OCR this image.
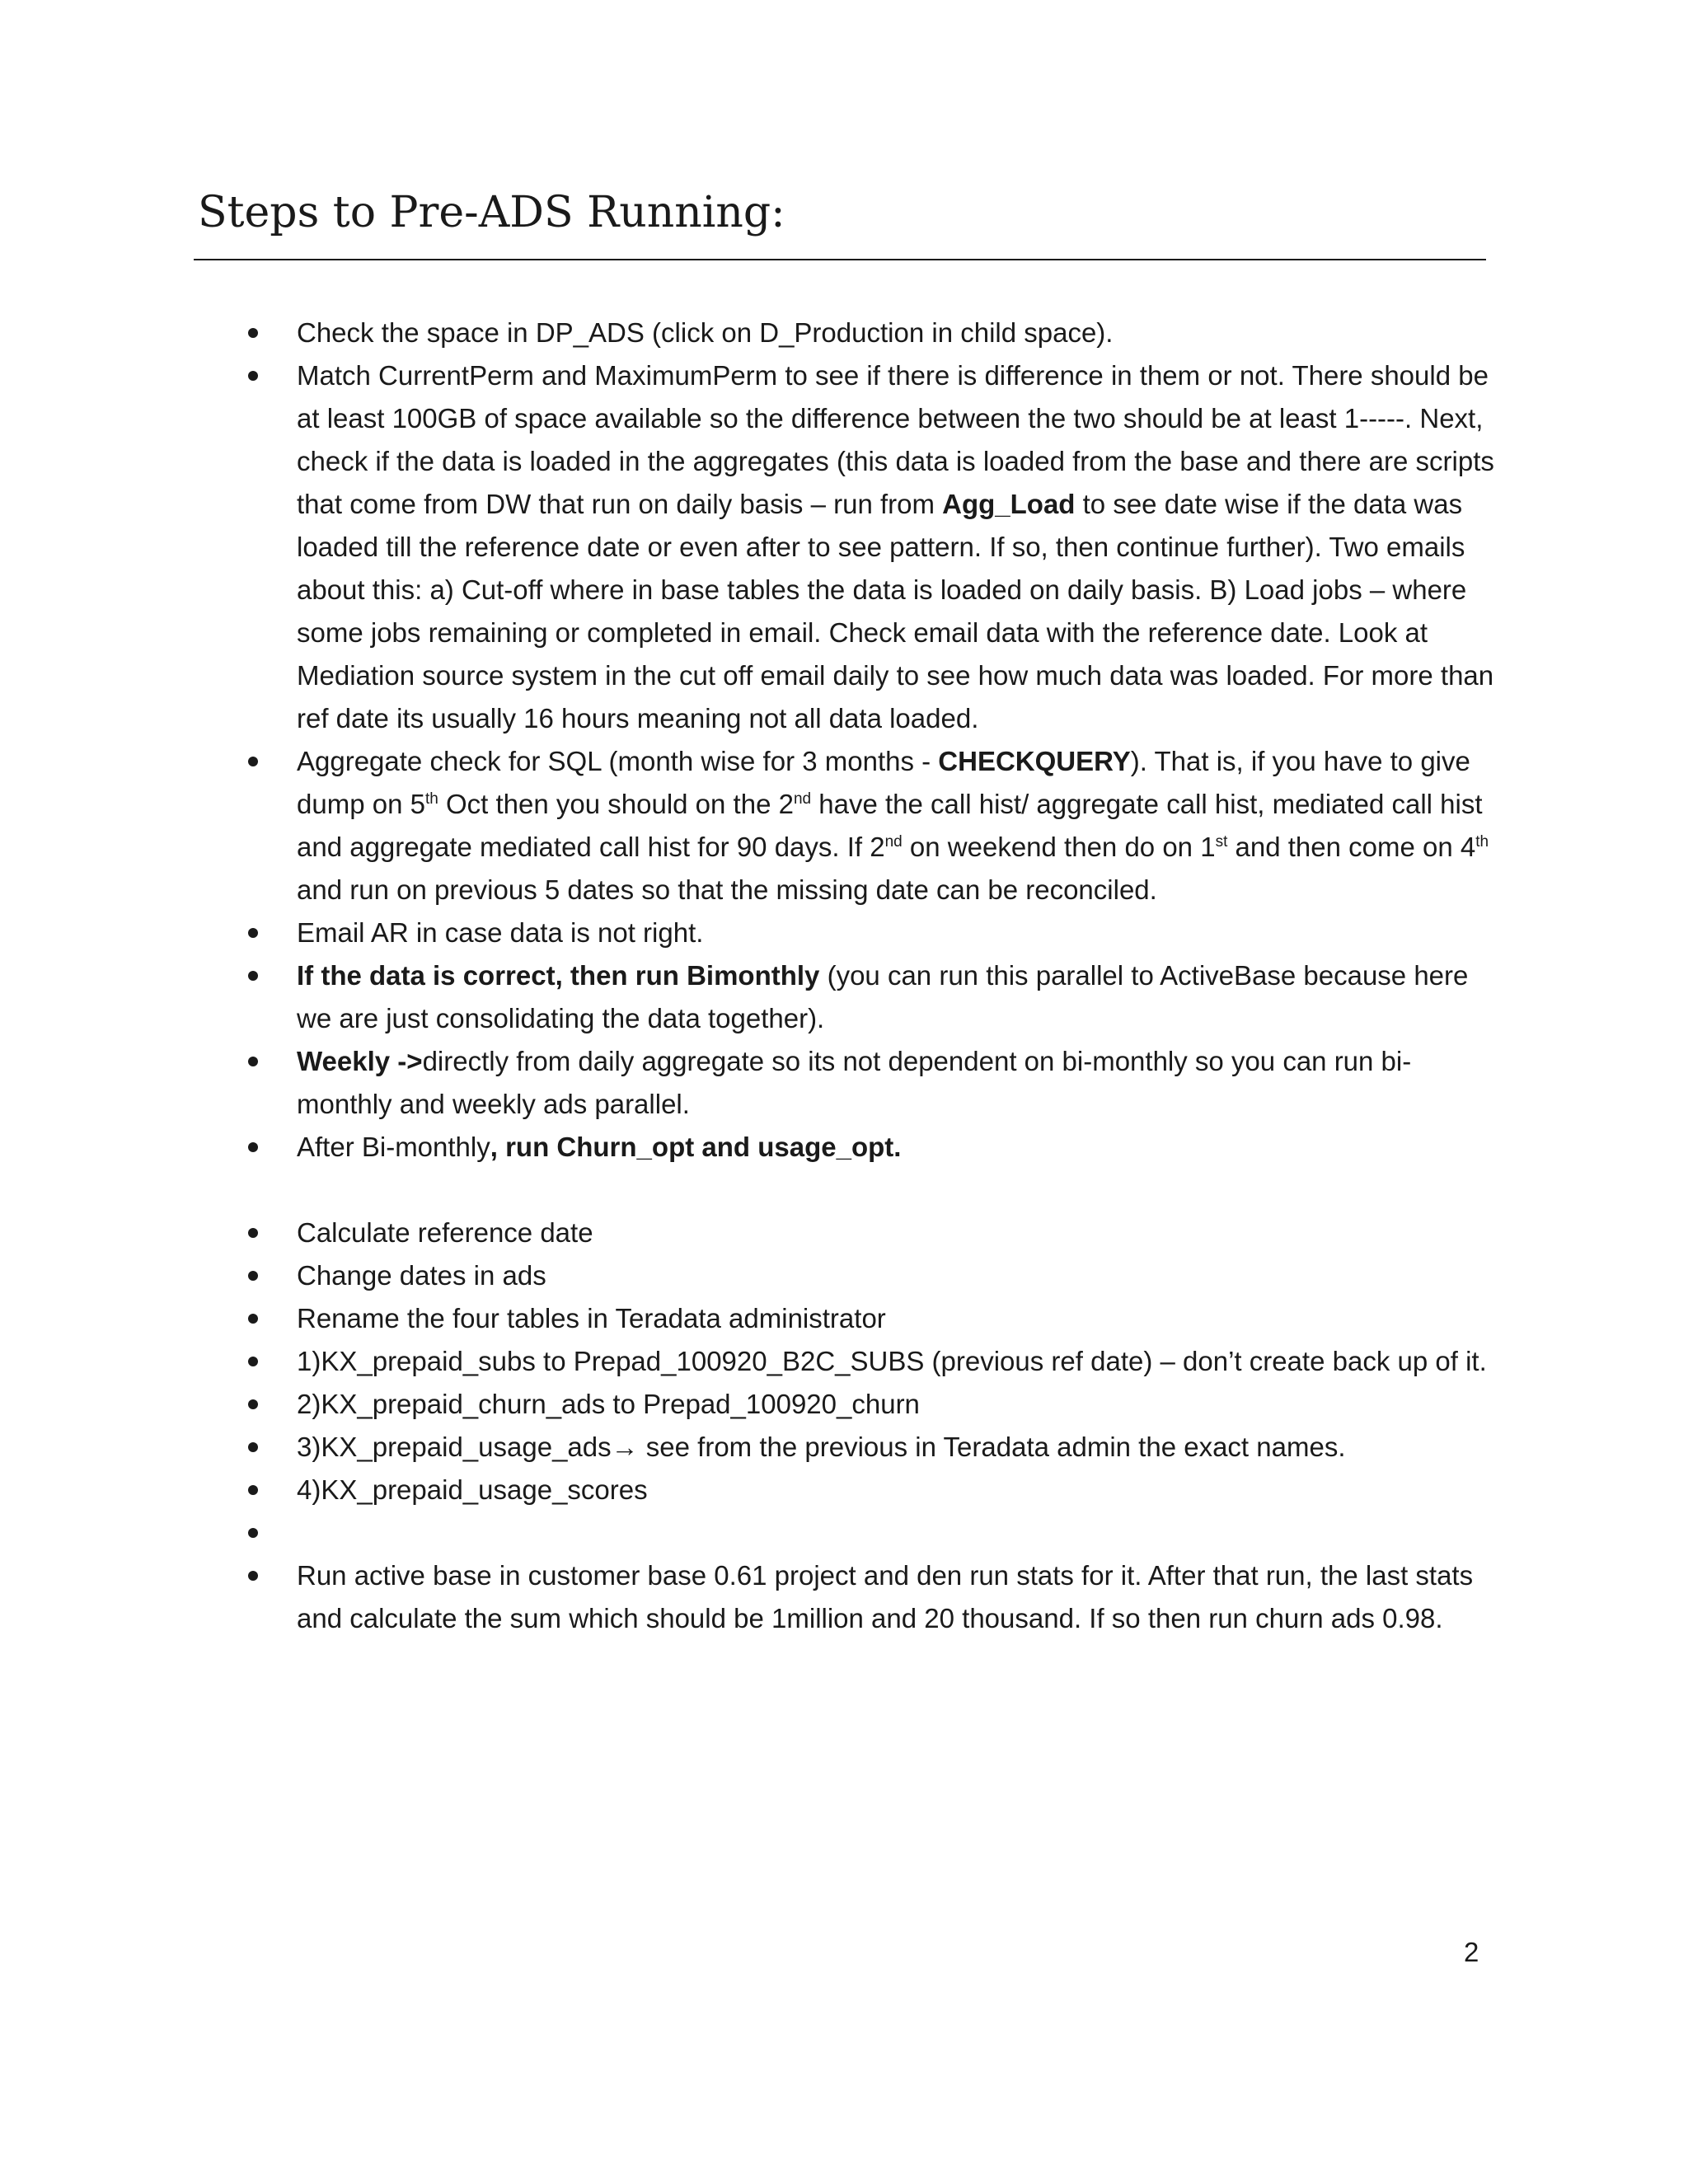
Steps to Pre-ADS Running:
Check the space in DP_ADS (click on D_Production in child space).
Match CurrentPerm and MaximumPerm to see if there is difference in them or not. There should be at least 100GB of space available so the difference between the two should be at least 1-----. Next, check if the data is loaded in the aggregates (this data is loaded from the base and there are scripts that come from DW that run on daily basis – run from Agg_Load to see date wise if the data was loaded till the reference date or even after to see pattern. If so, then continue further). Two emails about this: a) Cut-off where in base tables the data is loaded on daily basis. B) Load jobs – where some jobs remaining or completed in email. Check email data with the reference date. Look at Mediation source system in the cut off email daily to see how much data was loaded. For more than ref date its usually 16 hours meaning not all data loaded.
Aggregate check for SQL (month wise for 3 months - CHECKQUERY). That is, if you have to give dump on 5th Oct then you should on the 2nd have the call hist/ aggregate call hist, mediated call hist and aggregate mediated call hist for 90 days. If 2nd on weekend then do on 1st and then come on 4th and run on previous 5 dates so that the missing date can be reconciled.
Email AR in case data is not right.
If the data is correct, then run Bimonthly (you can run this parallel to ActiveBase because here we are just consolidating the data together).
Weekly ->directly from daily aggregate so its not dependent on bi-monthly so you can run bi-monthly and weekly ads parallel.
After Bi-monthly, run Churn_opt and usage_opt.
Calculate reference date
Change dates in ads
Rename the four tables in Teradata administrator
1)KX_prepaid_subs to Prepad_100920_B2C_SUBS (previous ref date) – don’t create back up of it.
2)KX_prepaid_churn_ads to Prepad_100920_churn
3)KX_prepaid_usage_ads→ see from the previous in Teradata admin the exact names.
4)KX_prepaid_usage_scores

Run active base in customer base 0.61 project and den run stats for it. After that run, the last stats and calculate the sum which should be 1million and 20 thousand. If so then run churn ads 0.98.
2
